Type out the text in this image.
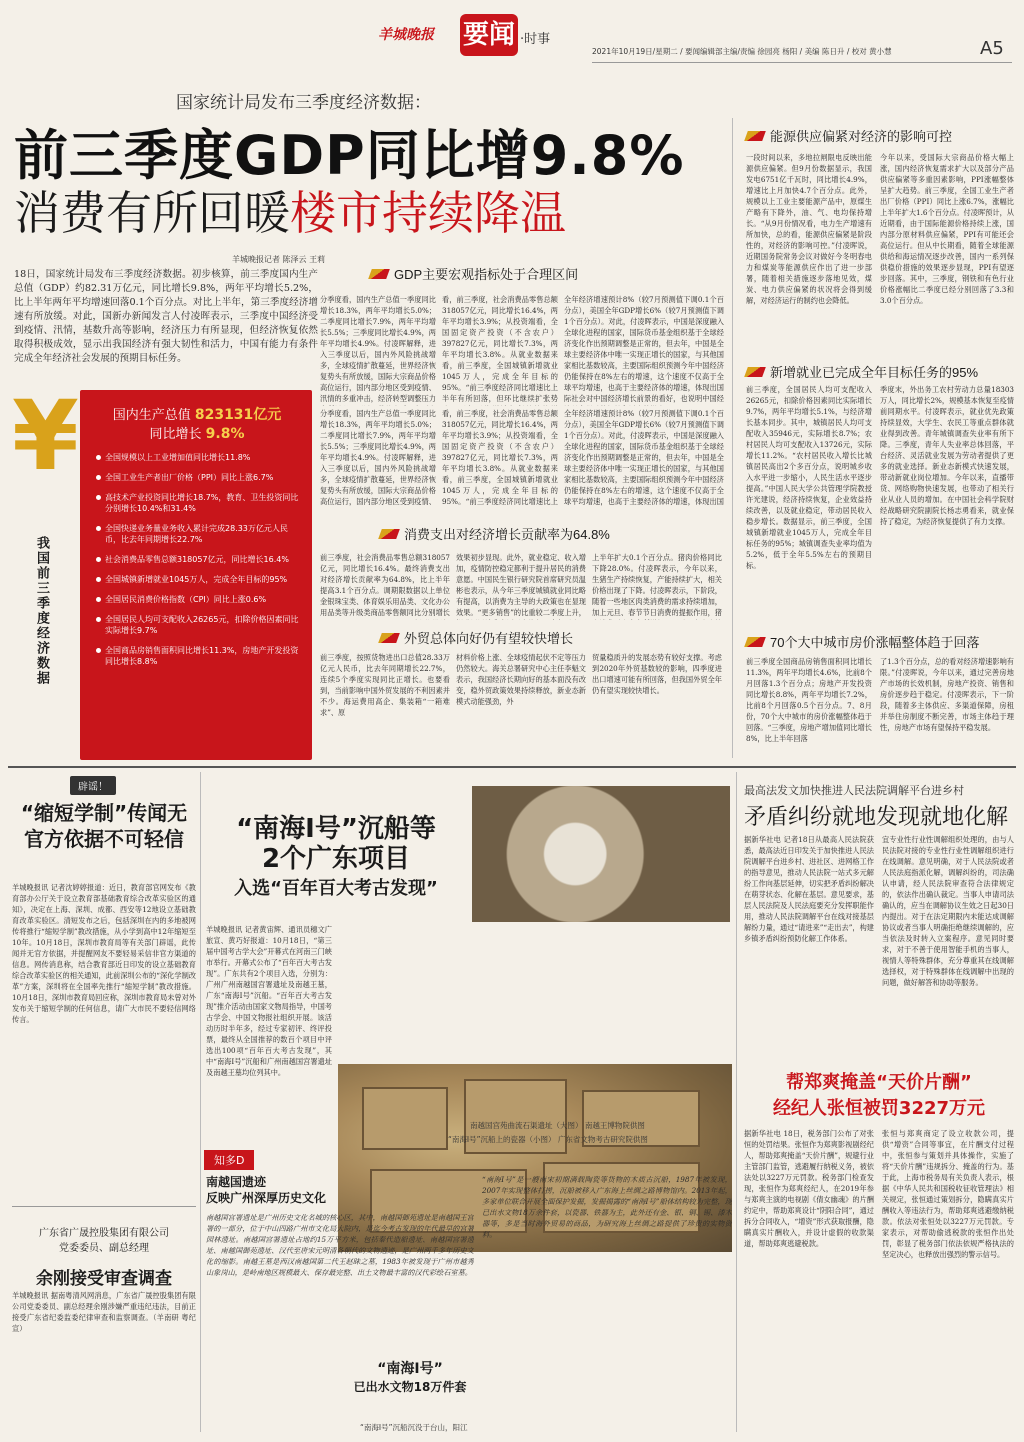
羊城晚报	要闻 ·时事
2021年10月19日/星期二 / 要闻编辑部主编/责编 徐园亮 杨阳 / 美编 陈日升 / 校对 黄小慧	A5
国家统计局发布三季度经济数据：
前三季度GDP同比增9.8%
消费有所回暖楼市持续降温
羊城晚报记者 陈泽云 王莉
18日，国家统计局发布三季度经济数据。初步核算，前三季度国内生产总值（GDP）约82.31万亿元，同比增长9.8%，两年平均增长5.2%，比上半年两年平均增速回落0.1个百分点。对比上半年，第三季度经济增速有所放缓。对此，国新办新闻发言人付凌晖表示，三季度中国经济受到疫情、汛情，基数升高等影响，经济压力有所显现，但经济恢复依然取得积极成效，显示出我国经济有强大韧性和活力，中国有能力有条件完成全年经济社会发展的预期目标任务。
¥	国内生产总值 823131亿元
同比增长 9.8%
全国规模以上工业增加值同比增长11.8%
全国工业生产者出厂价格（PPI）同比上涨6.7%
高技术产业投资同比增长18.7%，教育、卫生投资同比分别增长10.4%和31.4%
全国快递业务量业务收入累计完成28.33万亿元人民币，比去年同期增长22.7%
社会消费品零售总额318057亿元，同比增长16.4%
全国城镇新增就业1045万人，完成全年目标的95%
全国居民消费价格指数（CPI）同比上涨0.6%
全国居民人均可支配收入26265元，扣除价格因素同比实际增长9.7%
全国商品房销售面积同比增长11.3%，房地产开发投资同比增长8.8%
我国前三季度经济数据
GDP主要宏观指标处于合理区间
分季度看，国内生产总值一季度同比增长18.3%，两年平均增长5.0%；二季度同比增长7.9%，两年平均增长5.5%；三季度同比增长4.9%，两年平均增长4.9%。付凌晖解释，进入三季度以后，国内外风险挑战增多，全球疫情扩散蔓延，世界经济恢复势头有所放缓，国际大宗商品价格高位运行，国内部分地区受到疫情、汛情的多重冲击，经济转型调整压力
看，前三季度，社会消费品零售总额318057亿元，同比增长16.4%，两年平均增长3.9%；从投资端看，全国固定资产投资（不含农户）397827亿元，同比增长7.3%，两年平均增长3.8%。从就业数据来看，前三季度，全国城镇新增就业1045万人，完成全年目标的95%。“前三季度经济同比增速比上半年有所回落，但环比继续扩张势
全年经济增速预计8%（较7月预测值下调0.1个百分点），美国全年GDP增长6%（较7月预测值下调1个百分点）。对此，付凌晖表示，中国是深度融入全球化进程的国家，国际货币基金组织基于全球经济变化作出预期调整是正常的，但去年，中国是全球主要经济体中唯一实现正增长的国家，与其他国家相比基数较高，主要国际组织预测今年中国经济仍能保持在8%左右的增速，这个速度不仅高于全球平均增速，也高于主要经济体的增速，体现出国际社会对中国经济增长前景的看好，也说明中国经
分季度看，国内生产总值一季度同比增长18.3%，两年平均增长5.0%；二季度同比增长7.9%，两年平均增长5.5%；三季度同比增长4.9%，两年平均增长4.9%。付凌晖解释，进入三季度以后，国内外风险挑战增多，全球疫情扩散蔓延，世界经济恢复势头有所放缓，国际大宗商品价格高位运行，国内部分地区受到疫情、
看，前三季度，社会消费品零售总额318057亿元，同比增长16.4%，两年平均增长3.9%；从投资端看，全国固定资产投资（不含农户）397827亿元，同比增长7.3%，两年平均增长3.8%。从就业数据来看，前三季度，全国城镇新增就业1045万人，完成全年目标的95%。“前三季度经济同比增速比上
全年经济增速预计8%（较7月预测值下调0.1个百分点），美国全年GDP增长6%（较7月预测值下调1个百分点）。对此，付凌晖表示，中国是深度融入全球化进程的国家，国际货币基金组织基于全球经济变化作出预期调整是正常的，但去年，中国是全球主要经济体中唯一实现正增长的国家，与其他国家相比基数较高，主要国际组织预测今年中国经济仍能保持在8%左右的增速，这个速度不仅高于全球平均增速，也高于主要经济体的增速，体现出国
消费支出对经济增长贡献率为64.8%
前三季度，社会消费品零售总额318057亿元，同比增长16.4%。最终消费支出对经济增长贡献率为64.8%，比上半年提高3.1个百分点。调期限数据以上单位金银珠宝类、体育娱乐用品类、文化办公用品类等升级类商品零售额同比分别增长
效果初步显现。此外，就业稳定、收入增加，疫情防控稳定都利于提升居民的消费意愿。中国民生银行研究院首席研究员温彬也表示，从今年三季度城镇就业同比略有提高，以消费为主导的大政策也在显现效果。“更多销售”的比重较二季度上升，
上半年扩大0.1个百分点。猪肉价格同比下降28.0%。付凌晖表示，今年以来，生猪生产持续恢复，产能持续扩大，相关价格出现了下降。付凌晖表示，下阶段，随着一些地区肉类消费的需求持续增加，加上元旦、春节节日消费的提振作用，猪
外贸总体向好仍有望较快增长
前三季度，按照货物进出口总值28.33万亿元人民币，比去年同期增长22.7%，连续5个季度实现同比正增长。也要看到，当前影响中国外贸发展的不利因素并不少。海运费用高企、集装箱“一箱难求”、原
材料价格上涨、全球疫情起伏不定等压力仍然较大。海关总署研究中心主任李魁文表示，我国经济长期向好的基本面没有改变，稳外贸政策效果持续释放，新业态新模式动能强劲，外
贸量稳质升的发展态势有较好支撑。考虑到2020年外贸基数较的影响，四季度进出口增速可能有所回落，但我国外贸全年仍有望实现较快增长。
能源供应偏紧对经济的影响可控
一段时间以来，多地拉闸限电反映出能源供应偏紧。但9月份数据显示，我国发电6751亿千瓦时，同比增长4.9%，增速比上月加快4.7个百分点。此外，规模以上工业主要能源产品中，原煤生产略有下降外，油、气、电均保持增长。“从9月份情况看，电力生产增速有所加快，总的看，能源供应偏紧是阶段性的，对经济的影响可控。”付凌晖说，近期国务院常务会议对做好今冬明春电力和煤炭等能源供应作出了进一步部署，随着相关措施逐步落地见效，煤炭、电力供应偏紧的状况将会得到缓解，对经济运行的制约也会降低。
今年以来，受国际大宗商品价格大幅上涨，国内经济恢复需求扩大以及部分产品供应偏紧等多重因素影响，PPI涨幅整体呈扩大趋势。前三季度，全国工业生产者出厂价格（PPI）同比上涨6.7%，涨幅比上半年扩大1.6个百分点。付凌晖预计，从近期看，由于国际能源价格持续上涨，国内部分原材料供应偏紧，PPI有可能还会高位运行。但从中长期看，随着全球能源供给和海运情况逐步改善，国内一系列保供稳价措施的效果逐步显现，PPI有望逐步回落。其中，三季度，钢铁和有色行业价格涨幅比二季度已经分别回落了3.3和3.0个百分点。
新增就业已完成全年目标任务的95%
前三季度，全国居民人均可支配收入26265元，扣除价格因素同比实际增长9.7%，两年平均增长5.1%，与经济增长基本同步。其中，城镇居民人均可支配收入35946元，实际增长8.7%；农村居民人均可支配收入13726元，实际增长11.2%。“农村居民收入增长比城镇居民高出2个多百分点，说明城乡收入水平进一步缩小，人民生活水平逐步提高。”中国人民大学公共管理学院教授许光建说，经济持续恢复，企业效益持续改善，以及就业稳定，带动居民收入稳步增长。数据显示，前三季度，全国城镇新增就业1045万人，完成全年目标任务的95%；城镇调查失业率均值为5.2%，低于全年5.5%左右的预期目标。
季度末，外出务工农村劳动力总量18303万人，同比增长2%，规模基本恢复至疫情前同期水平。付凌晖表示，就业优先政策持续显效，大学生、农民工等重点群体就业得到改善。青年城镇调查失业率有所下降。三季度，青年人失业率总体回落，平台经济、灵活就业发展为劳动者提供了更多的就业选择。新业态新模式快速发展，带动新就业岗位增加。今年以来，直播带货、网络购物快速发展，也带动了相关行业从业人员的增加。在中国社会科学院财经战略研究院副院长杨志勇看来，就业保持了稳定，为经济恢复提供了有力支撑。
70个大中城市房价涨幅整体趋于回落
前三季度全国商品房销售面积同比增长11.3%，两年平均增长4.6%，比前8个月回落1.3个百分点；房地产开发投资同比增长8.8%，两年平均增长7.2%，比前8个月回落0.5个百分点。7、8月份，70个大中城市的房价涨幅整体趋于回落。“三季度，房地产增加值同比增长8%，比上半年回落
了1.3个百分点，总的看对经济增速影响有限。”付凌晖说，今年以来，通过完善房地产市场的长效机制，房地产投资、销售和房价逐步趋于稳定。付凌晖表示，下一阶段，随着多主体供应、多渠道保障，房租并举住房制度不断完善，市场主体趋于理性，房地产市场有望保持平稳发展。
辟谣！
“缩短学制”传闻无官方依据不可轻信
羊城晚报讯 记者沈婷婷报道：近日，教育部官网发布《教育部办公厅关于设立教育部基础教育综合改革实验区的通知》，决定在上海、深圳、成都、西安等12地设立基础教育改革实验区。清短发布之后，包括深圳在内的多地被网传将推行“缩短学制”教改措施，从小学到高中12年缩短至10年。10月18日，深圳市教育局等有关部门辟谣，此传闻并无官方依据，并提醒网友不要轻易采信非官方渠道的信息。网传消息称，结合教育部近日印发的设立基础教育综合改革实验区的相关通知，此前深圳公布的“深化学制改革”方案，深圳将在全国率先推行“缩短学制”教改措施。10月18日，深圳市教育局回应称，深圳市教育局未曾对外发布关于缩短学制的任何信息，请广大市民不要轻信网络传言。
广东省广晟控股集团有限公司
党委委员、副总经理
余刚接受审查调查
羊城晚报讯 据南粤清风网消息，广东省广晟控股集团有限公司党委委员、副总经理余刚涉嫌严重违纪违法，目前正接受广东省纪委监委纪律审查和监察调查。（羊南研 粤纪宣）
“南海Ⅰ号”沉船等
2个广东项目
入选“百年百大考古发现”
羊城晚报讯 记者黄宙辉、通讯员穗文广旅宣、黄巧好报道：10月18日，“第三届中国考古学大会”开幕式在河南三门峡市举行。开幕式公布了“百年百大考古发现”。广东共有2个项目入选，分别为：广州广州南越国宫署遗址及南越王墓，广东“南海Ⅰ号”沉船。“百年百大考古发现”推介活动由国家文物局指导，中国考古学会、中国文物报社组织开展。该活动历时半年多，经过专家初评、终评投票，最终从全国推荐的数百个项目中评选出100项“百年百大考古发现”，其中“南海Ⅰ号”沉船和广州南越国宫署遗址及南越王墓均位列其中。
南越国宫苑曲流石渠遗址（大图） 南越王博物院供图
“南海Ⅰ号”沉船上的瓷器（小图） 广东省文物考古研究院供图
知多D
南越国遗迹
反映广州深厚历史文化
南越国宫署遗址是广州历史文化名城的核心区，其中，南越国御苑遗址是南越国王宫署的一部分，位于中山四路广州市文化局大院内，是迄今考古发现的年代最早的宫署园林遗址。南越国宫署遗址占地约15万平方米，包括秦代造船遗址、南越国宫署遗址、南越国御苑遗址、汉代至唐宋元明清各朝代的文物遗迹，是广州两千多年历史文化的缩影。南越王墓是西汉南越国第二代王赵眛之墓，1983年被发现于广州市越秀山象岗山，是岭南地区规模最大、保存最完整、出土文物最丰富的汉代彩绘石室墓。
“南海Ⅰ号”是一艘南宋初期满载陶瓷等货物的木质古沉船，1987年被发现，2007年实现整体打捞，沉船被移入广东海上丝绸之路博物馆内。2013年起，多家单位联合开展全面保护发掘，发掘揭露的“南海Ⅰ号”船体结构较为完整，现已出水文物18万余件套，以瓷器、铁器为主，此外还有金、银、铜、锡、漆木器等，多是当时海外贸易的商品，为研究海上丝绸之路提供了珍贵的实物资料。
“南海Ⅰ号”
已出水文物18万件套
“南海Ⅰ号”沉船沉没于台山，阳江
最高法发文加快推进人民法院调解平台进乡村
矛盾纠纷就地发现就地化解
据新华社电 记者18日从最高人民法院获悉，最高法近日印发关于加快推进人民法院调解平台进乡村、进社区、进网格工作的指导意见，推动人民法院一站式多元解纷工作向基层延伸，切实把矛盾纠纷解决在萌芽状态、化解在基层。意见要求，基层人民法院及人民法庭要充分发挥职能作用，推动人民法院调解平台在线对接基层解纷力量，通过“请进来”“走出去”，构建乡镇矛盾纠纷预防化解工作体系。
宜专业性行业性调解组织处理的，由与人民法院对接的专业性行业性调解组织进行在线调解。意见明确，对于人民法院或者人民法庭指派化解，调解纠纷的，司法确认申请，经人民法院审查符合法律规定的，依法作出确认裁定。当事人申请司法确认的，应当在调解协议生效之日起30日内提出。对于在法定期限内未能达成调解协议或者当事人明确拒绝继续调解的，应当依法及时转入立案程序。意见同时要求，对于不善于使用智能手机的当事人，视情人等特殊群体，充分尊重其在线调解选择权，对于特殊群体在线调解中出现的问题，做好解答和协助等服务。
帮郑爽掩盖“天价片酬”
经纪人张恒被罚3227万元
据新华社电 18日，税务部门公布了对张恒的处罚结果。张恒作为郑爽影视剧经纪人，帮助郑爽掩盖“天价片酬”，规避行业主管部门监管，逃避履行纳税义务，被依法处以3227万元罚款。税务部门检查发现，张恒作为郑爽经纪人，在2019年参与郑爽主演的电视剧《倩女幽魂》的片酬约定中，帮助郑爽设计“阴阳合同”，通过拆分合同收入，“增资”形式获取报酬，隐瞒真实片酬收入，并设计虚假的收款渠道，帮助郑爽逃避税款。
张恒与郑爽商定了设立收款公司，提供“增资”合同等事宜，在片酬支付过程中，张恒参与策划并具体操作，实施了将“天价片酬”违规拆分、掩盖的行为。基于此，上海市税务局有关负责人表示，根据《中华人民共和国税收征收管理法》相关规定，张恒通过策划拆分，隐瞒真实片酬收入等违法行为，帮助郑爽逃避缴纳税款。依法对张恒处以3227万元罚款。专家表示，对帮助偷逃税款的张恒作出处罚，彰显了税务部门依法依规严格执法的坚定决心，也释放出强烈的警示信号。
